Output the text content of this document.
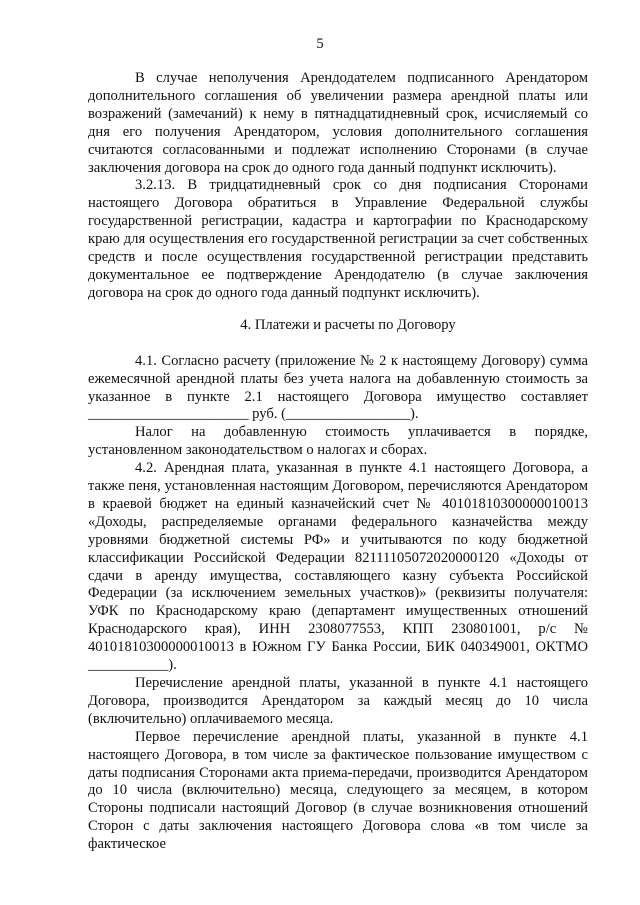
5

В случае неполучения Арендодателем подписанного Арендатором дополнительного соглашения об увеличении размера арендной платы или возражений (замечаний) к нему в пятнадцатидневный срок, исчисляемый со дня его получения Арендатором, условия дополнительного соглашения считаются согласованными и подлежат исполнению Сторонами (в случае заключения договора на срок до одного года данный подпункт исключить).

3.2.13. В тридцатидневный срок со дня подписания Сторонами настоящего Договора обратиться в Управление Федеральной службы государственной регистрации, кадастра и картографии по Краснодарскому краю для осуществления его государственной регистрации за счет собственных средств и после осуществления государственной регистрации представить документальное ее подтверждение Арендодателю (в случае заключения договора на срок до одного года данный подпункт исключить).

4. Платежи и расчеты по Договору

4.1. Согласно расчету (приложение № 2 к настоящему Договору) сумма ежемесячной арендной платы без учета налога на добавленную стоимость за указанное в пункте 2.1 настоящего Договора имущество составляет ______________________ руб. (_________________).

Налог на добавленную стоимость уплачивается в порядке, установленном законодательством о налогах и сборах.

4.2. Арендная плата, указанная в пункте 4.1 настоящего Договора, а также пеня, установленная настоящим Договором, перечисляются Арендатором в краевой бюджет на единый казначейский счет № 40101810300000010013 «Доходы, распределяемые органами федерального казначейства между уровнями бюджетной системы РФ» и учитываются по коду бюджетной классификации Российской Федерации 82111105072020000120 «Доходы от сдачи в аренду имущества, составляющего казну субъекта Российской Федерации (за исключением земельных участков)» (реквизиты получателя: УФК по Краснодарскому краю (департамент имущественных отношений Краснодарского края), ИНН 2308077553, КПП 230801001, р/с № 40101810300000010013 в Южном ГУ Банка России, БИК 040349001, ОКТМО ___________).

Перечисление арендной платы, указанной в пункте 4.1 настоящего Договора, производится Арендатором за каждый месяц до 10 числа (включительно) оплачиваемого месяца.

Первое перечисление арендной платы, указанной в пункте 4.1 настоящего Договора, в том числе за фактическое пользование имуществом с даты подписания Сторонами акта приема-передачи, производится Арендатором до 10 числа (включительно) месяца, следующего за месяцем, в котором Стороны подписали настоящий Договор (в случае возникновения отношений Сторон с даты заключения настоящего Договора слова «в том числе за фактическое
